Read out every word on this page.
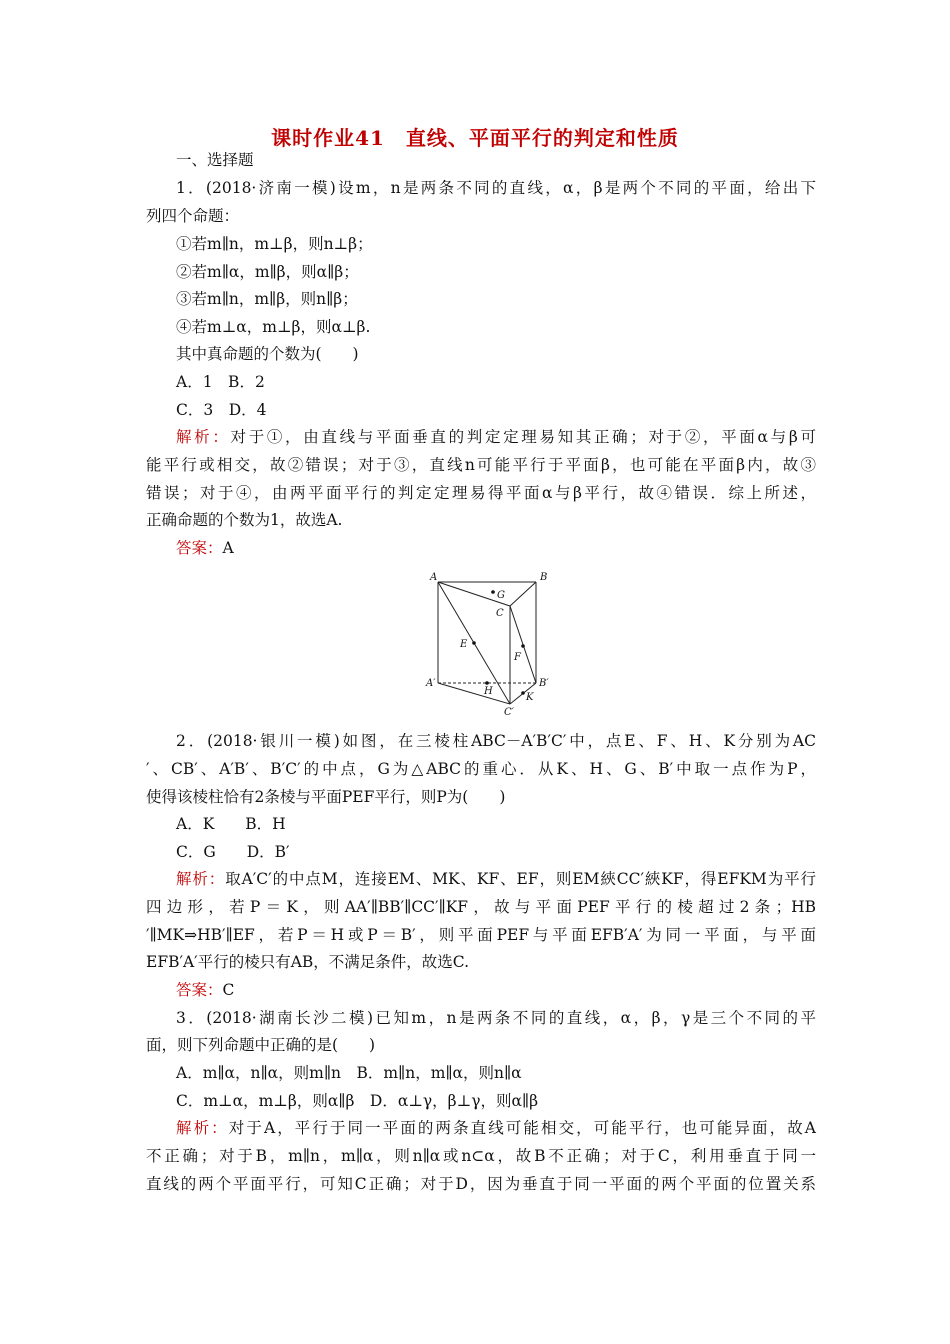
课时作业41　直线、平面平行的判定和性质
一、选择题
1．(2018·济南一模)设m，n是两条不同的直线，α，β是两个不同的平面，给出下
列四个命题：
①若m∥n，m⊥β，则n⊥β；
②若m∥α，m∥β，则α∥β；
③若m∥n，m∥β，则n∥β；
④若m⊥α，m⊥β，则α⊥β.
其中真命题的个数为(　　)
A．1　B．2
C．3　D．4
解析：对于①，由直线与平面垂直的判定定理易知其正确；对于②，平面α与β可
能平行或相交，故②错误；对于③，直线n可能平行于平面β，也可能在平面β内，故③
错误；对于④，由两平面平行的判定定理易得平面α与β平行，故④错误．综上所述，
正确命题的个数为1，故选A.
答案：A
A	B
G
C
E
F
A′	B′
H
K
C′
2．(2018·银川一模)如图，在三棱柱ABC－A′B′C′中，点E、F、H、K分别为AC
′、CB′、A′B′、B′C′的中点，G为△ABC的重心．从K、H、G、B′中取一点作为P，
使得该棱柱恰有2条棱与平面PEF平行，则P为(　　)
A．K　　B．H
C．G　　D．B′
解析：取A′C′的中点M，连接EM、MK、KF、EF，则EM綊CC′綊KF，得EFKM为平行
四边形，若P＝K，则AA′∥BB′∥CC′∥KF，故与平面PEF平行的棱超过2条；HB
′∥MK⇒HB′∥EF，若P＝H或P＝B′，则平面PEF与平面EFB′A′为同一平面，与平面
EFB′A′平行的棱只有AB，不满足条件，故选C.
答案：C
3．(2018·湖南长沙二模)已知m，n是两条不同的直线，α，β，γ是三个不同的平
面，则下列命题中正确的是(　　)
A．m∥α，n∥α，则m∥n　B．m∥n，m∥α，则n∥α
C．m⊥α，m⊥β，则α∥β　D．α⊥γ，β⊥γ，则α∥β
解析：对于A，平行于同一平面的两条直线可能相交，可能平行，也可能异面，故A
不正确；对于B，m∥n，m∥α，则n∥α或n⊂α，故B不正确；对于C，利用垂直于同一
直线的两个平面平行，可知C正确；对于D，因为垂直于同一平面的两个平面的位置关系
